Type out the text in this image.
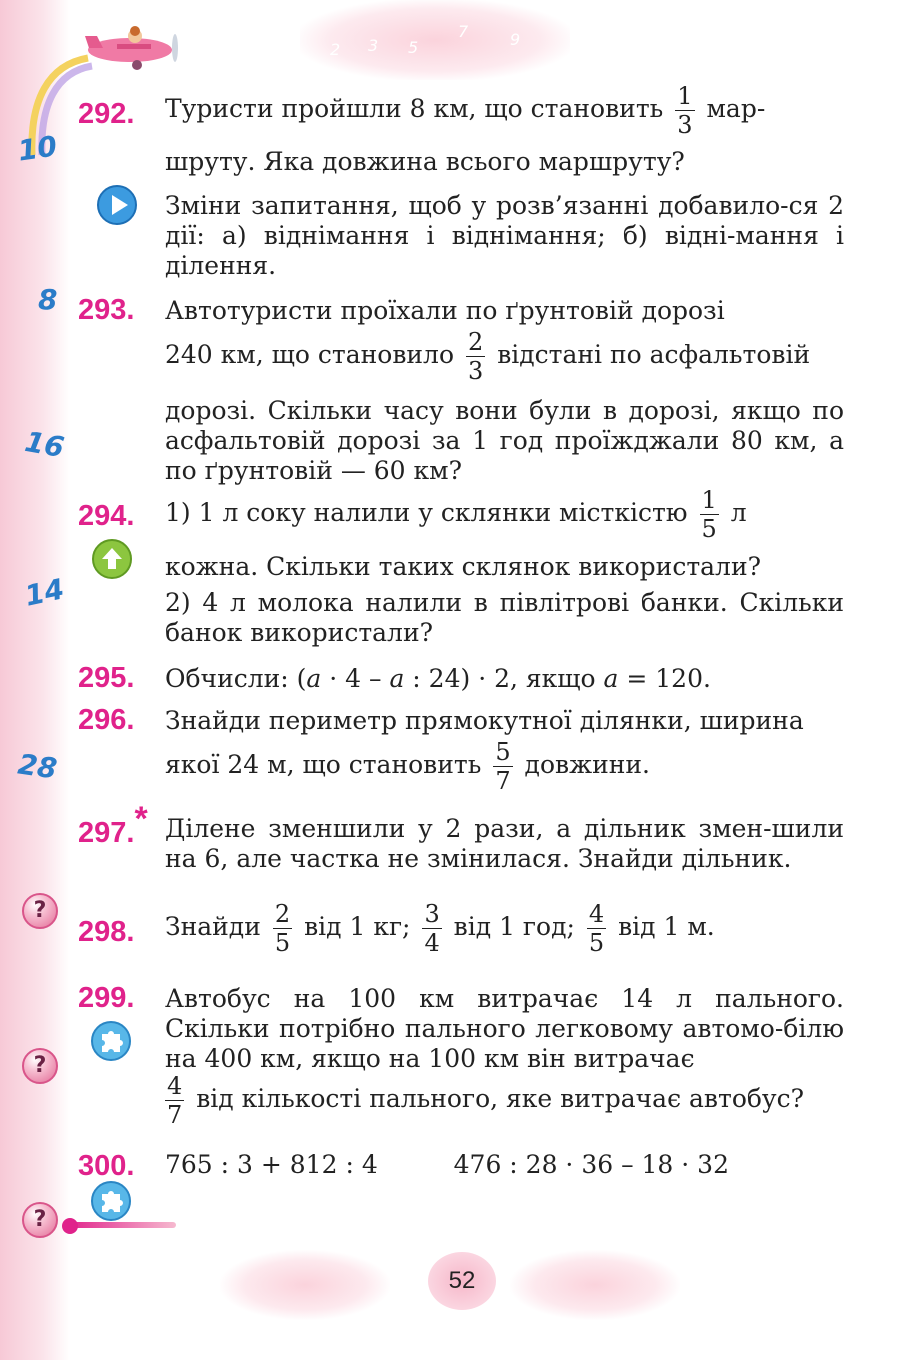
2 3 5
7	9
10
8
16
14
28
292. Туристи пройшли 8 км, що становить $\frac{1}{3} мар-$
шруту. Яка довжина всього маршруту?
Зміни запитання, щоб у розв’язанні добавило-ся 2 дії: а) віднімання і віднімання; б) відні-мання і ділення.
293. Автотуристи проїхали по ґрунтовій дорозі
240 км, що становило $\frac{2}{3}$ відстані по асфальтовій
дорозі. Скільки часу вони були в дорозі, якщо по асфальтовій дорозі за 1 год проїжджали 80 км, а по ґрунтовій — 60 км?
294. 1) 1 л соку налили у склянки місткістю $\frac{1}{5}$ л
кожна. Скільки таких склянок використали?
2) 4 л молока налили в півлітрові банки. Скільки банок використали?
295. Обчисли: (a · 4 – a : 24) · 2, якщо a = 120.
296. Знайди периметр прямокутної ділянки, ширина
якої 24 м, що становить $\frac{5}{7}$ довжини.
297.* Ділене зменшили у 2 рази, а дільник змен-шили на 6, але частка не змінилася. Знайди дільник.
?
298. Знайди $\frac{2}{5}$ від 1 кг; $\frac{3}{4}$ від 1 год; $\frac{4}{5}$ від 1 м.
299. Автобус на 100 км витрачає 14 л пального. Скільки потрібно пального легковому автомо-білю на 400 км, якщо на 100 км він витрачає
?
$\frac{4}{7}$ від кількості пального, яке витрачає автобус?
300. 765 : 3 + 812 : 4	476 : 28 · 36 – 18 · 32
?
52
